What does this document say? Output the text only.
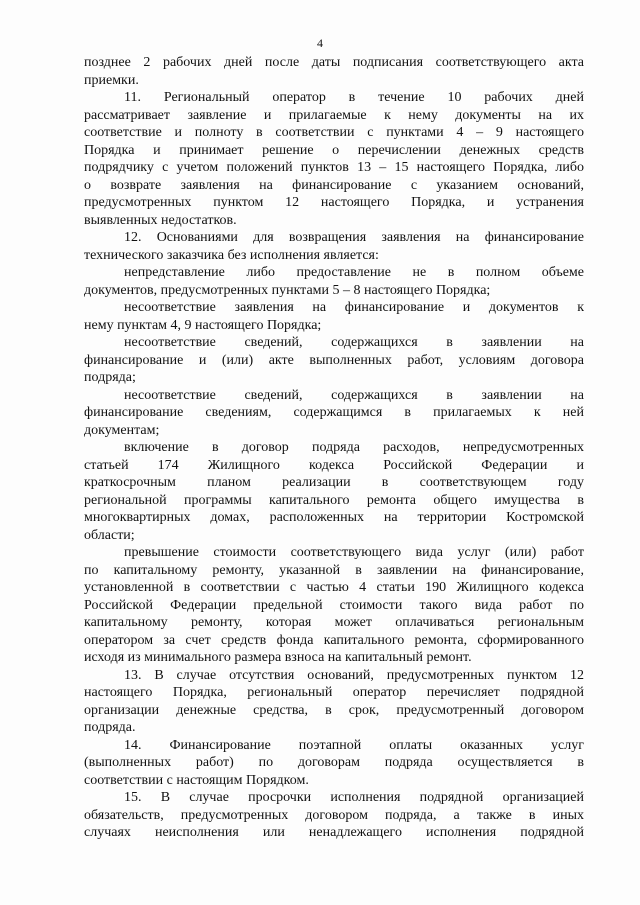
4
позднее 2 рабочих дней после даты подписания соответствующего акта
приемки.
11. Региональный оператор в течение 10 рабочих дней
рассматривает заявление и прилагаемые к нему документы на их
соответствие и полноту в соответствии с пунктами 4 – 9 настоящего
Порядка и принимает решение о перечислении денежных средств
подрядчику с учетом положений пунктов 13 – 15 настоящего Порядка, либо
о возврате заявления на финансирование с указанием оснований,
предусмотренных пунктом 12 настоящего Порядка, и устранения
выявленных недостатков.
12. Основаниями для возвращения заявления на финансирование
технического заказчика без исполнения является:
непредставление либо предоставление не в полном объеме
документов, предусмотренных пунктами 5 – 8 настоящего Порядка;
несоответствие заявления на финансирование и документов к
нему пунктам 4, 9 настоящего Порядка;
несоответствие сведений, содержащихся в заявлении на
финансирование и (или) акте выполненных работ, условиям договора
подряда;
несоответствие сведений, содержащихся в заявлении на
финансирование сведениям, содержащимся в прилагаемых к ней
документам;
включение в договор подряда расходов, непредусмотренных
статьей 174 Жилищного кодекса Российской Федерации и
краткосрочным планом реализации в соответствующем году
региональной программы капитального ремонта общего имущества в
многоквартирных домах, расположенных на территории Костромской
области;
превышение стоимости соответствующего вида услуг (или) работ
по капитальному ремонту, указанной в заявлении на финансирование,
установленной в соответствии с частью 4 статьи 190 Жилищного кодекса
Российской Федерации предельной стоимости такого вида работ по
капитальному ремонту, которая может оплачиваться региональным
оператором за счет средств фонда капитального ремонта, сформированного
исходя из минимального размера взноса на капитальный ремонт.
13. В случае отсутствия оснований, предусмотренных пунктом 12
настоящего Порядка, региональный оператор перечисляет подрядной
организации денежные средства, в срок, предусмотренный договором
подряда.
14. Финансирование поэтапной оплаты оказанных услуг
(выполненных работ) по договорам подряда осуществляется в
соответствии с настоящим Порядком.
15. В случае просрочки исполнения подрядной организацией
обязательств, предусмотренных договором подряда, а также в иных
случаях неисполнения или ненадлежащего исполнения подрядной
